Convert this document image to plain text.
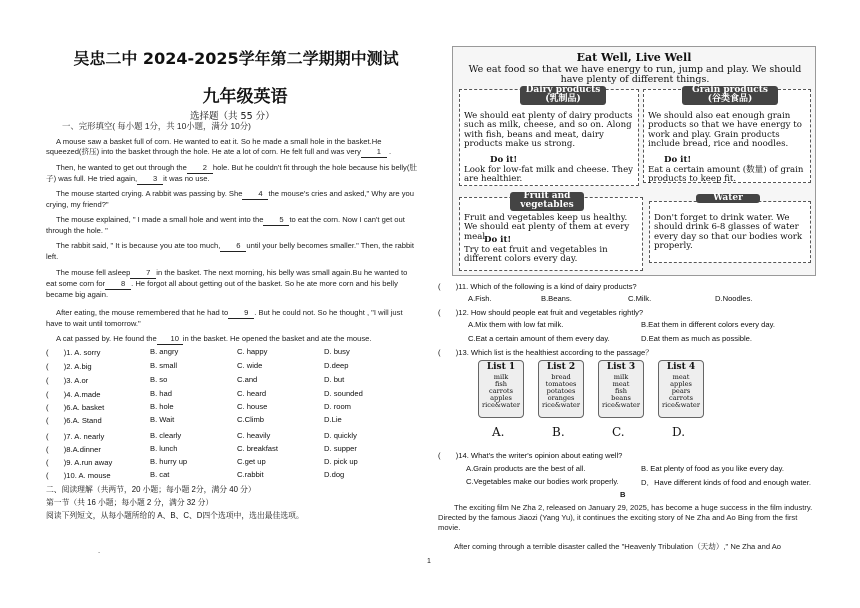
吴忠二中 2024-2025学年第二学期期中测试
九年级英语
选择题（共 55 分）
一、完形填空( 每小题 1分，共 10小题，满分 10分)
A mouse saw a basket full of corn. He wanted to eat it. So he made a small hole in the basket.He squeezed(挤压) into the basket through the hole. He ate a lot of corn. He felt full and was very 1 .
Then, he wanted to get out through the 2 hole. But he couldn't fit through the hole because his belly(肚子) was full. He tried again, 3 it was no use.
The mouse started crying. A rabbit was passing by. She 4 the mouse's cries and asked," Why are you crying, my friend?"
The mouse explained, " I made a small hole and went into the 5 to eat the corn. Now I can't get out through the hole. "
The rabbit said, " It is because you ate too much, 6 until your belly becomes smaller." Then, the rabbit left.
The mouse fell asleep 7 in the basket. The next morning, his belly was small again.Bu he wanted to eat some corn for 8 . He forgot all about getting out of the basket. So he ate more corn and his belly became big again.
After eating, the mouse remembered that he had to 9 . But he could not. So he thought , "I will just have to wait until tomorrow."
A cat passed by. He found the 10 in the basket. He opened the basket and ate the mouse.
(　　)1. A. sorry	B. angry	C. happy	D. busy
(　　)2. A.big	B. small	C. wide	D.deep
(　　)3. A.or	B. so	C.and	D. but
(　　)4. A.made	B. had	C. heard	D. sounded
(　　)6.A. basket	B. hole	C. house	D. room
(　　)6.A. Stand	B. Wait	C.Climb	D.Lie
(　　)7. A. nearly	B. clearly	C. heavily	D. quickly
(　　)8.A.dinner	B. lunch	C. breakfast	D. supper
(　　)9. A.run away	B. hurry up	C.get up	D. pick up
(　　)10. A. mouse	B. cat	C.rabbit	D.dog
二、阅读理解（共两节，20 小题；每小题 2分，满分 40 分）
第一节（共 16 小题；每小题 2 分，满分 32 分）
阅读下列短文，从每小题所给的 A、B、C、D四个选项中，选出最佳选项。
.
Eat Well, Live Well
We eat food so that we have energy to run, jump and play. We should have plenty of different things.
Dairy products
(乳制品)
We should eat plenty of dairy products such as milk, cheese, and so on. Along with fish, beans and meat, dairy products make us strong.
Do it!
Look for low-fat milk and cheese. They are healthier.
Grain products
(谷类食品)
We should also eat enough grain products so that we have energy to work and play. Grain products include bread, rice and noodles.
Do it!
Eat a certain amount (数量) of grain products to keep fit.
Fruit and vegetables
Fruit and vegetables keep us healthy. We should eat plenty of them at every meal.
Do it!
Try to eat fruit and vegetables in different colors every day.
Water
Don't forget to drink water. We should drink 6-8 glasses of water every day so that our bodies work properly.
(　　)11. Which of the following is a kind of dairy products?
A.Fish.	B.Beans.	C.Milk.	D.Noodles.
(　　)12. How should people eat fruit and vegetables rightly?
A.Mix them with low fat milk.	B.Eat them in different colors every day.
C.Eat a certain amount of them every day.	D.Eat them as much as possible.
(　　)13. Which list is the healthiest according to the passage？
List 1
milk
fish
carrots
apples
rice&water
List 2
bread
tomatoes
potatoes
oranges
rice&water
List 3
milk
meat
fish
beans
rice&water
List 4
meat
apples
pears
carrots
rice&water
A.	B.	C.	D.
(　　)14. What's the writer's opinion about eating well?
A.Grain products are the best of all.	B. Eat plenty of food as you like every day.
C.Vegetables make our bodies work properly.	D．Have different kinds of food and enough water.
B
The exciting film Ne Zha 2, released on January 29, 2025, has become a huge success in the film industry. Directed by the famous Jiaozi (Yang Yu), it continues the exciting story of Ne Zha and Ao Bing from the first movie.
After coming through a terrible disaster called the "Heavenly Tribulation（天劫）," Ne Zha and Ao
1
